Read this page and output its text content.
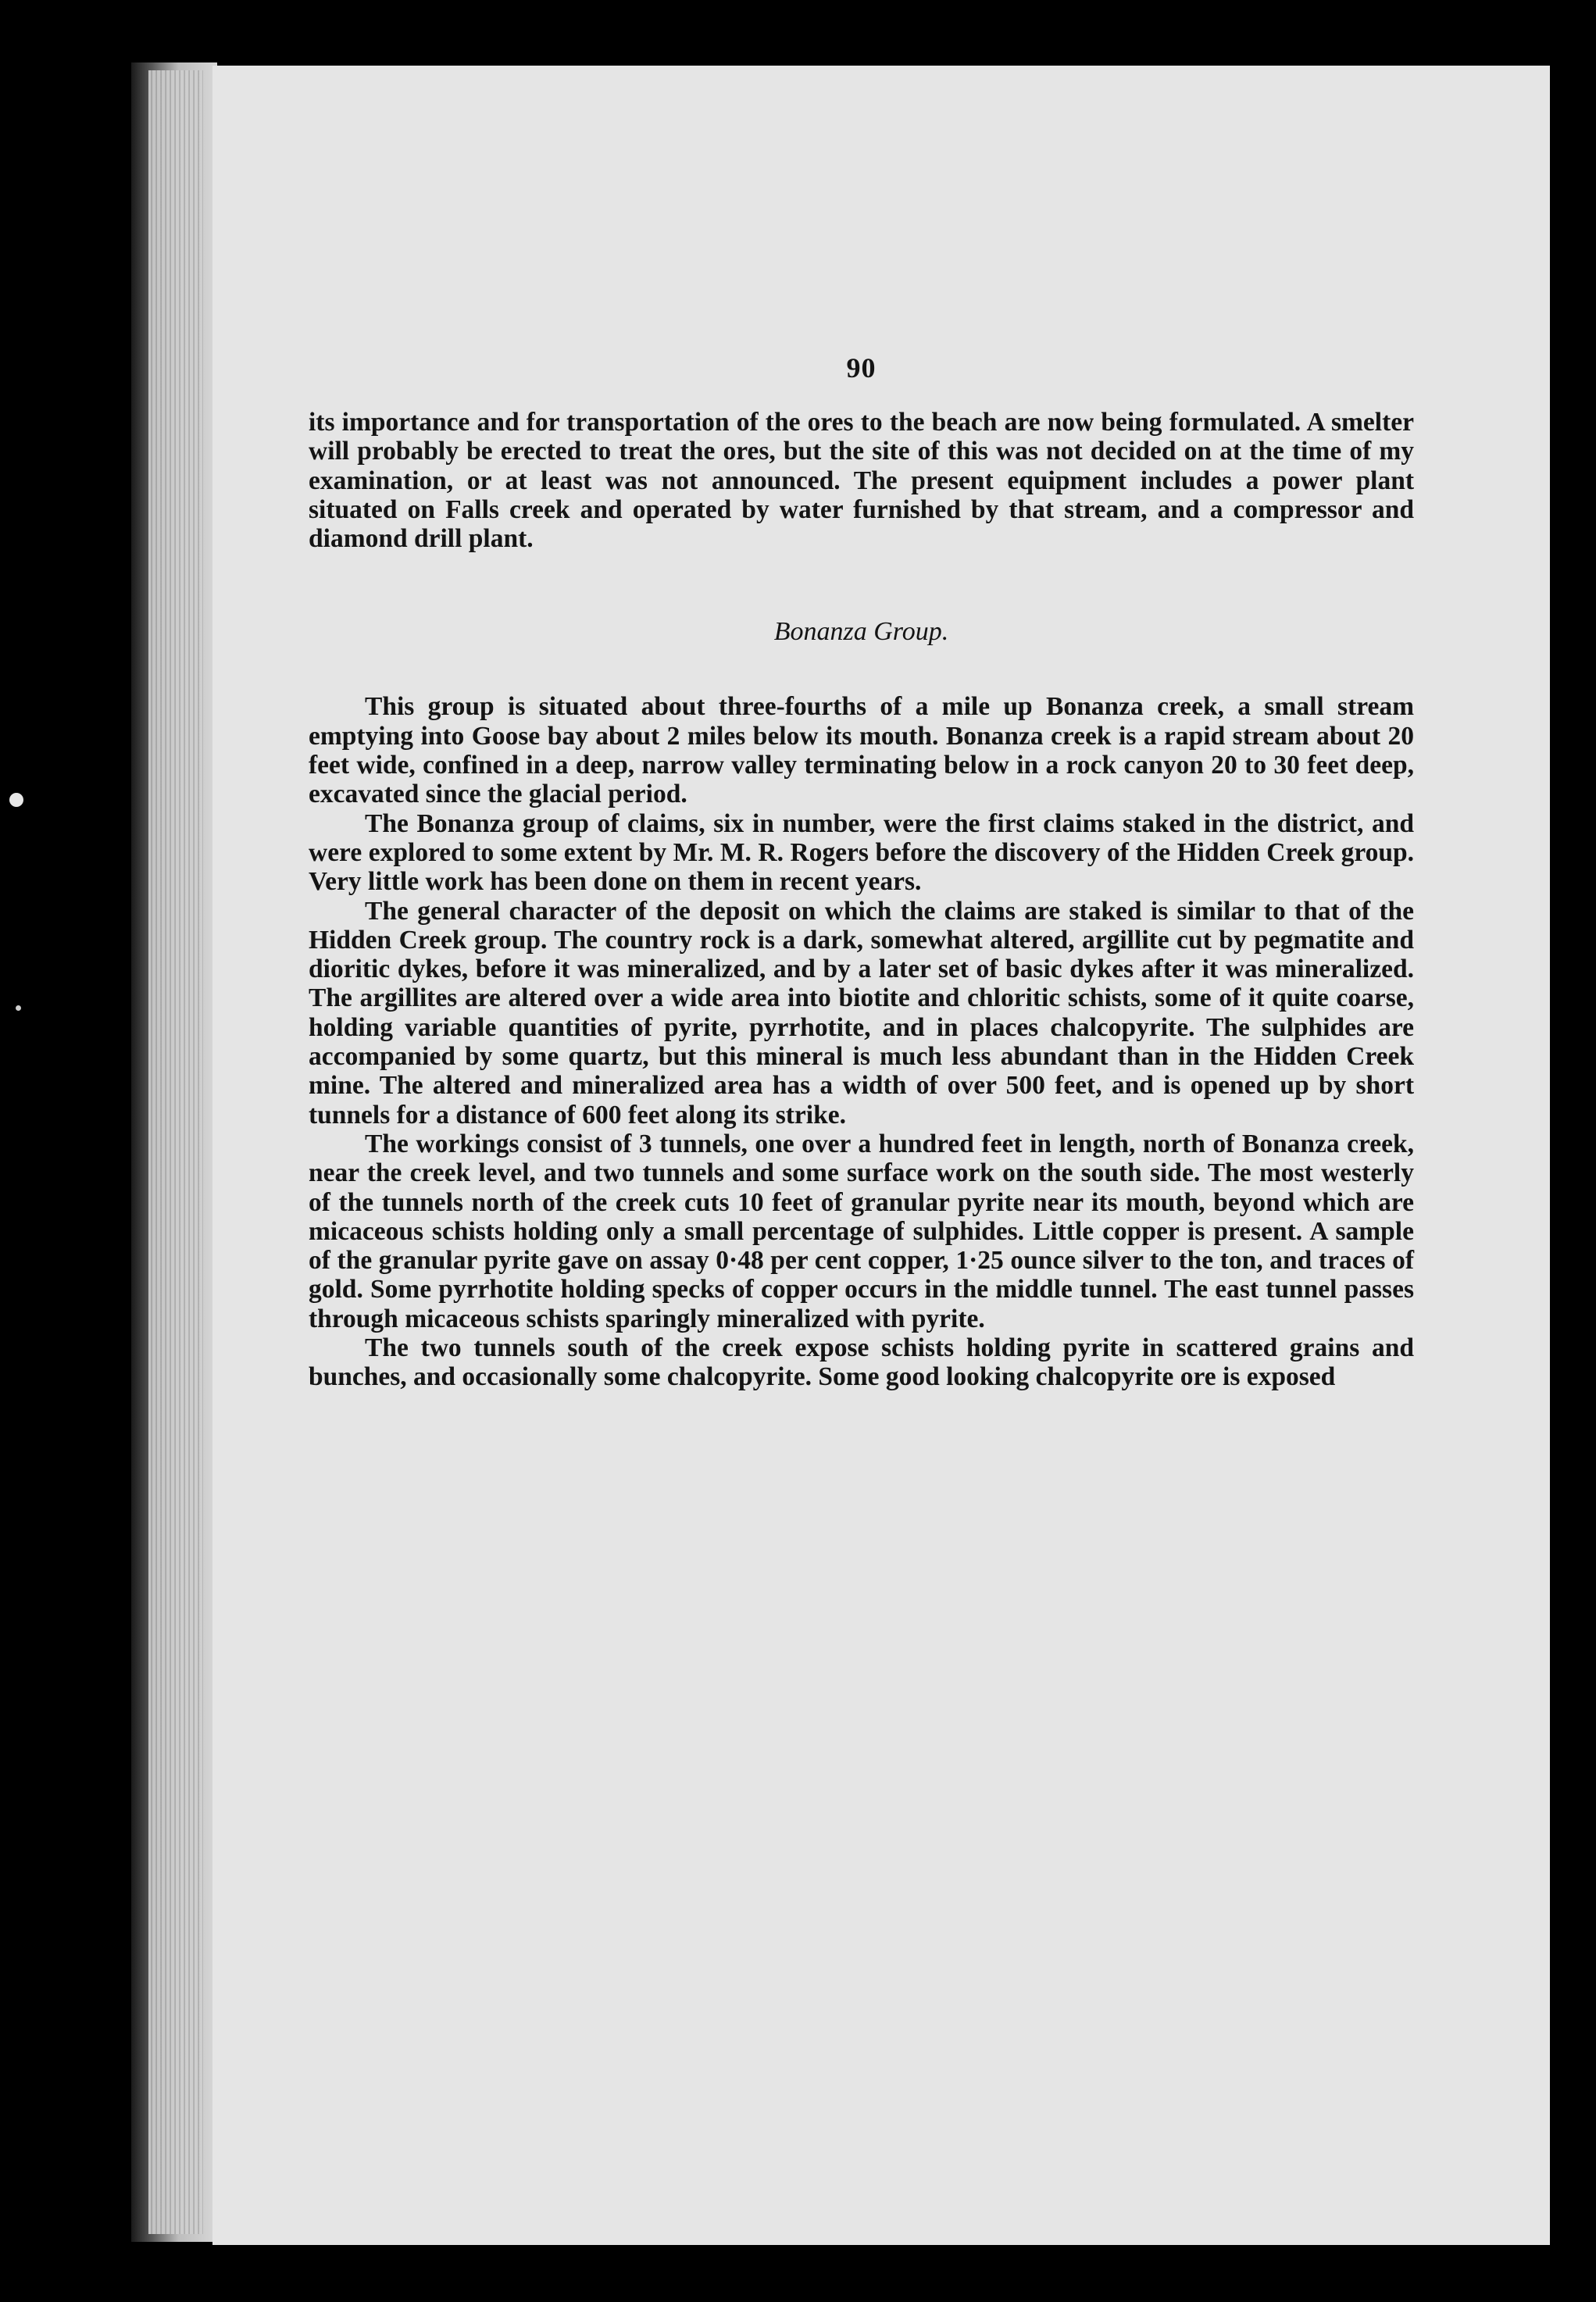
90

its importance and for transportation of the ores to the beach are now being formulated. A smelter will probably be erected to treat the ores, but the site of this was not decided on at the time of my examination, or at least was not announced. The present equipment includes a power plant situated on Falls creek and operated by water furnished by that stream, and a compressor and diamond drill plant.

Bonanza Group.

This group is situated about three-fourths of a mile up Bonanza creek, a small stream emptying into Goose bay about 2 miles below its mouth. Bonanza creek is a rapid stream about 20 feet wide, confined in a deep, narrow valley terminating below in a rock canyon 20 to 30 feet deep, excavated since the glacial period.

The Bonanza group of claims, six in number, were the first claims staked in the district, and were explored to some extent by Mr. M. R. Rogers before the discovery of the Hidden Creek group. Very little work has been done on them in recent years.

The general character of the deposit on which the claims are staked is similar to that of the Hidden Creek group. The country rock is a dark, somewhat altered, argillite cut by pegmatite and dioritic dykes, before it was mineralized, and by a later set of basic dykes after it was mineralized. The argillites are altered over a wide area into biotite and chloritic schists, some of it quite coarse, holding variable quantities of pyrite, pyrrhotite, and in places chalcopyrite. The sulphides are accompanied by some quartz, but this mineral is much less abundant than in the Hidden Creek mine. The altered and mineralized area has a width of over 500 feet, and is opened up by short tunnels for a distance of 600 feet along its strike.

The workings consist of 3 tunnels, one over a hundred feet in length, north of Bonanza creek, near the creek level, and two tunnels and some surface work on the south side. The most westerly of the tunnels north of the creek cuts 10 feet of granular pyrite near its mouth, beyond which are micaceous schists holding only a small percentage of sulphides. Little copper is present. A sample of the granular pyrite gave on assay 0·48 per cent copper, 1·25 ounce silver to the ton, and traces of gold. Some pyrrhotite holding specks of copper occurs in the middle tunnel. The east tunnel passes through micaceous schists sparingly mineralized with pyrite.

The two tunnels south of the creek expose schists holding pyrite in scattered grains and bunches, and occasionally some chalcopyrite. Some good looking chalcopyrite ore is exposed
